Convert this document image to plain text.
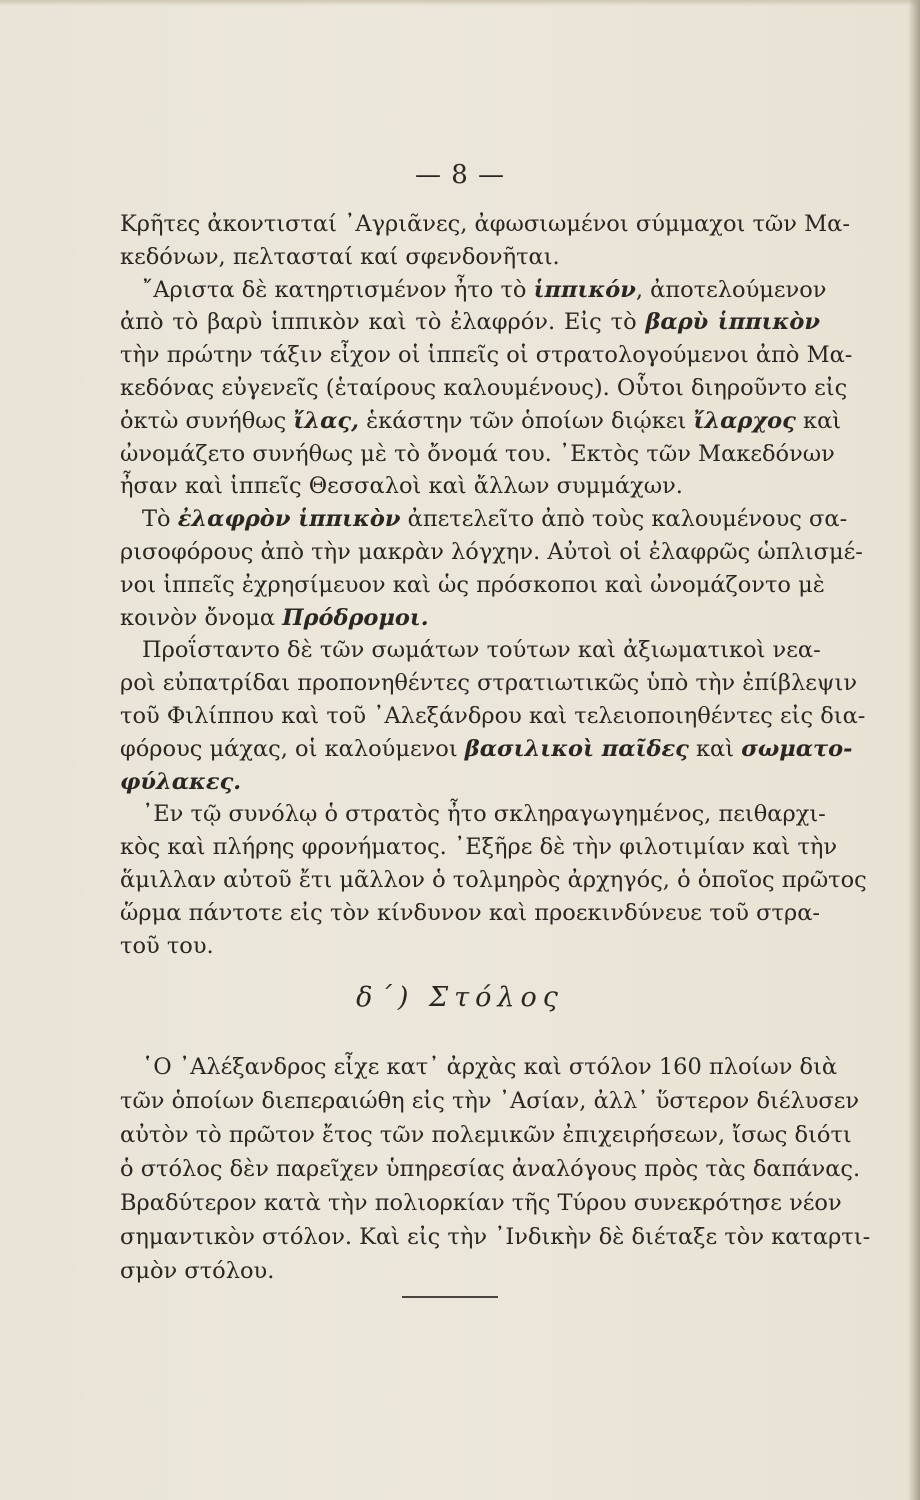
— 8 —
Κρῆτες ἀκοντισταί ᾿Αγριᾶνες, ἀφωσιωμένοι σύμμαχοι τῶν Μα-
κεδόνων, πελτασταί καί σφενδονῆται.
῎Αριστα δὲ κατηρτισμένον ἦτο τὸ ἱππικόν, ἀποτελούμενον
ἀπὸ τὸ βαρὺ ἱππικὸν καὶ τὸ ἐλαφρόν. Εἰς τὸ βαρὺ ἱππικὸν
τὴν πρώτην τάξιν εἶχον οἱ ἱππεῖς οἱ στρατολογούμενοι ἀπὸ Μα-
κεδόνας εὐγενεῖς (ἑταίρους καλουμένους). Οὗτοι διηροῦντο εἰς
ὀκτὼ συνήθως ἴλας, ἑκάστην τῶν ὁποίων διῴκει ἴλαρχος καὶ
ὠνομάζετο συνήθως μὲ τὸ ὄνομά του. ᾿Εκτὸς τῶν Μακεδόνων
ἦσαν καὶ ἱππεῖς Θεσσαλοὶ καὶ ἄλλων συμμάχων.
Τὸ ἐλαφρὸν ἱππικὸν ἀπετελεῖτο ἀπὸ τοὺς καλουμένους σα-
ρισοφόρους ἀπὸ τὴν μακρὰν λόγχην. Αὐτοὶ οἱ ἐλαφρῶς ὡπλισμέ-
νοι ἱππεῖς ἐχρησίμευον καὶ ὡς πρόσκοποι καὶ ὠνομάζοντο μὲ
κοινὸν ὄνομα Πρόδρομοι.
Προΐσταντο δὲ τῶν σωμάτων τούτων καὶ ἀξιωματικοὶ νεα-
ροὶ εὐπατρίδαι προπονηθέντες στρατιωτικῶς ὑπὸ τὴν ἐπίβλεψιν
τοῦ Φιλίππου καὶ τοῦ ᾿Αλεξάνδρου καὶ τελειοποιηθέντες εἰς δια-
φόρους μάχας, οἱ καλούμενοι βασιλικοὶ παῖδες καὶ σωματο-
φύλακες.
᾿Εν τῷ συνόλῳ ὁ στρατὸς ἦτο σκληραγωγημένος, πειθαρχι-
κὸς καὶ πλήρης φρονήματος. ᾿Εξῆρε δὲ τὴν φιλοτιμίαν καὶ τὴν
ἅμιλλαν αὐτοῦ ἔτι μᾶλλον ὁ τολμηρὸς ἀρχηγός, ὁ ὁποῖος πρῶτος
ὥρμα πάντοτε εἰς τὸν κίνδυνον καὶ προεκινδύνευε τοῦ στρα-
τοῦ του.
δ΄) Στόλος
῾Ο ᾿Αλέξανδρος εἶχε κατ᾿ ἀρχὰς καὶ στόλον 160 πλοίων διὰ
τῶν ὁποίων διεπεραιώθη εἰς τὴν ᾿Ασίαν, ἀλλ᾿ ὕστερον διέλυσεν
αὐτὸν τὸ πρῶτον ἔτος τῶν πολεμικῶν ἐπιχειρήσεων, ἴσως διότι
ὁ στόλος δὲν παρεῖχεν ὑπηρεσίας ἀναλόγους πρὸς τὰς δαπάνας.
Βραδύτερον κατὰ τὴν πολιορκίαν τῆς Τύρου συνεκρότησε νέον
σημαντικὸν στόλον. Καὶ εἰς τὴν ᾿Ινδικὴν δὲ διέταξε τὸν καταρτι-
σμὸν στόλου.
